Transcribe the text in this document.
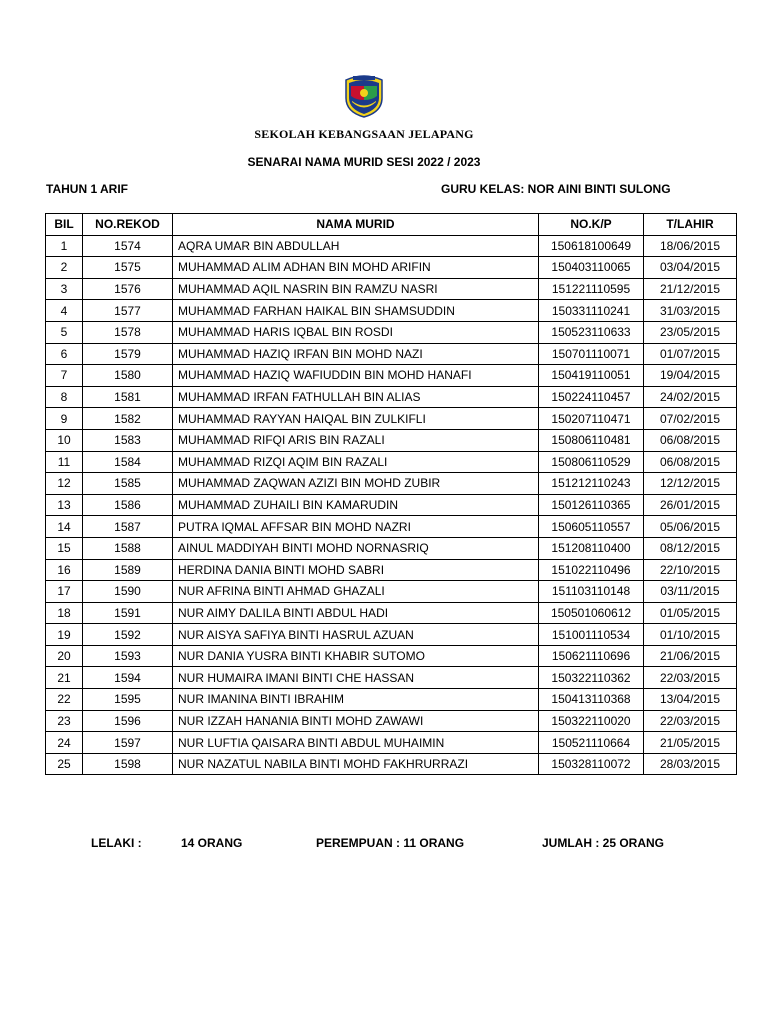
SEKOLAH KEBANGSAAN JELAPANG
SENARAI NAMA MURID SESI 2022 / 2023
TAHUN 1 ARIF	GURU KELAS: NOR AINI BINTI SULONG
BIL	NO.REKOD	NAMA MURID	NO.K/P	T/LAHIR
1	1574	AQRA UMAR BIN ABDULLAH	150618100649	18/06/2015
2	1575	MUHAMMAD ALIM ADHAN BIN MOHD ARIFIN	150403110065	03/04/2015
3	1576	MUHAMMAD AQIL NASRIN BIN RAMZU NASRI	151221110595	21/12/2015
4	1577	MUHAMMAD FARHAN HAIKAL BIN SHAMSUDDIN	150331110241	31/03/2015
5	1578	MUHAMMAD HARIS IQBAL BIN ROSDI	150523110633	23/05/2015
6	1579	MUHAMMAD HAZIQ IRFAN BIN MOHD NAZI	150701110071	01/07/2015
7	1580	MUHAMMAD HAZIQ WAFIUDDIN BIN MOHD HANAFI	150419110051	19/04/2015
8	1581	MUHAMMAD IRFAN FATHULLAH BIN ALIAS	150224110457	24/02/2015
9	1582	MUHAMMAD RAYYAN HAIQAL BIN ZULKIFLI	150207110471	07/02/2015
10	1583	MUHAMMAD RIFQI ARIS BIN RAZALI	150806110481	06/08/2015
11	1584	MUHAMMAD RIZQI AQIM BIN RAZALI	150806110529	06/08/2015
12	1585	MUHAMMAD ZAQWAN AZIZI BIN MOHD ZUBIR	151212110243	12/12/2015
13	1586	MUHAMMAD ZUHAILI BIN KAMARUDIN	150126110365	26/01/2015
14	1587	PUTRA IQMAL AFFSAR BIN MOHD NAZRI	150605110557	05/06/2015
15	1588	AINUL MADDIYAH BINTI MOHD NORNASRIQ	151208110400	08/12/2015
16	1589	HERDINA DANIA BINTI MOHD SABRI	151022110496	22/10/2015
17	1590	NUR AFRINA BINTI AHMAD GHAZALI	151103110148	03/11/2015
18	1591	NUR AIMY DALILA BINTI ABDUL HADI	150501060612	01/05/2015
19	1592	NUR AISYA SAFIYA BINTI HASRUL AZUAN	151001110534	01/10/2015
20	1593	NUR DANIA YUSRA BINTI KHABIR SUTOMO	150621110696	21/06/2015
21	1594	NUR HUMAIRA IMANI BINTI CHE HASSAN	150322110362	22/03/2015
22	1595	NUR IMANINA BINTI IBRAHIM	150413110368	13/04/2015
23	1596	NUR IZZAH HANANIA BINTI MOHD ZAWAWI	150322110020	22/03/2015
24	1597	NUR LUFTIA QAISARA BINTI ABDUL MUHAIMIN	150521110664	21/05/2015
25	1598	NUR NAZATUL NABILA BINTI MOHD FAKHRURRAZI	150328110072	28/03/2015
LELAKI :	14 ORANG	PEREMPUAN : 11 ORANG	JUMLAH : 25 ORANG
